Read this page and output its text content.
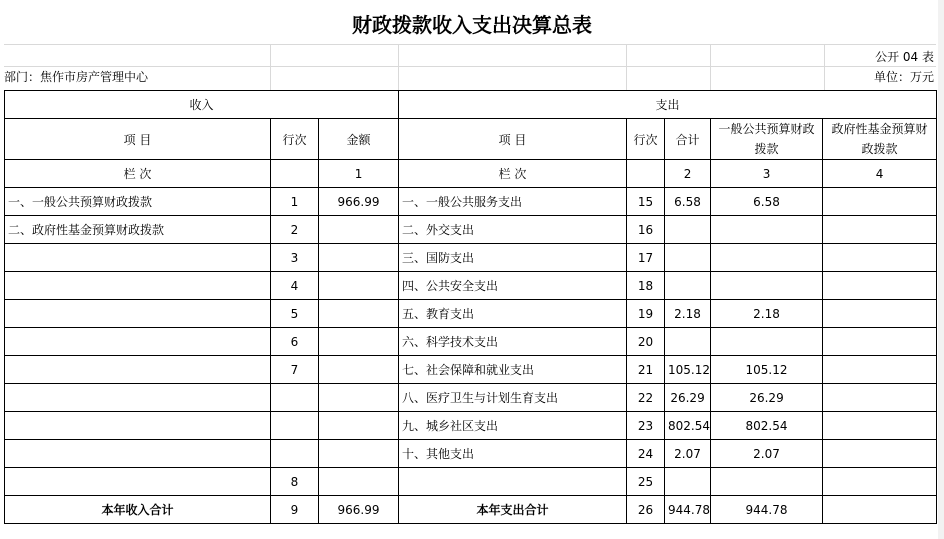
财政拨款收入支出决算总表
公开 04 表
部门：焦作市房产管理中心	单位：万元
收入			支出				
项 目	行次	金额	项 目	行次	合计	一般公共预算财政拨款	政府性基金预算财政拨款
栏 次		1	栏 次		2	3	4
一、一般公共预算财政拨款	1	966.99	一、一般公共服务支出	15	6.58	6.58	
二、政府性基金预算财政拨款	2		二、外交支出	16			
	3		三、国防支出	17			
	4		四、公共安全支出	18			
	5		五、教育支出	19	2.18	2.18	
	6		六、科学技术支出	20			
	7		七、社会保障和就业支出	21	105.12	105.12	
			八、医疗卫生与计划生育支出	22	26.29	26.29	
			九、城乡社区支出	23	802.54	802.54	
			十、其他支出	24	2.07	2.07	
	8			25			
本年收入合计	9	966.99	本年支出合计	26	944.78	944.78	
